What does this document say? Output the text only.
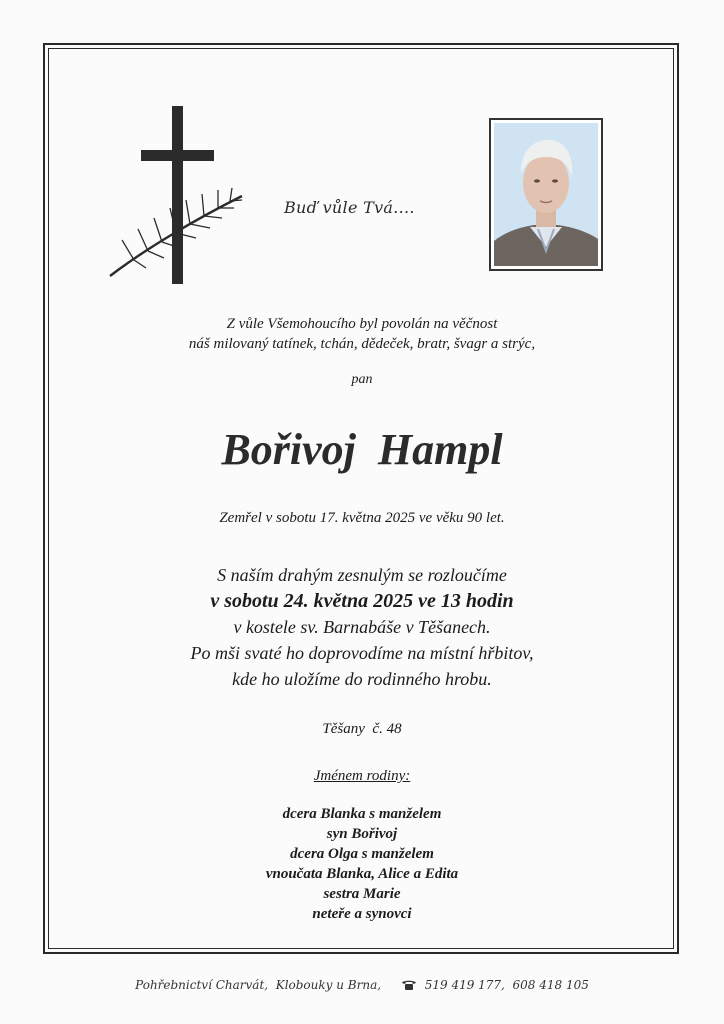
Buď vůle Tvá....
Z vůle Všemohoucího byl povolán na věčnost
náš milovaný tatínek, tchán, dědeček, bratr, švagr a strýc,
pan
Bořivoj  Hampl
Zemřel v sobotu 17. května 2025 ve věku 90 let.
S naším drahým zesnulým se rozloučíme
v sobotu 24. května 2025 ve 13 hodin
v kostele sv. Barnabáše v Těšanech.
Po mši svaté ho doprovodíme na místní hřbitov,
kde ho uložíme do rodinného hrobu.
Těšany  č. 48
Jménem rodiny:
dcera Blanka s manželem
syn Bořivoj
dcera Olga s manželem
vnoučata Blanka, Alice a Edita
sestra Marie
neteře a synovci
Pohřebnictví Charvát,  Klobouky u Brna,	519 419 177,  608 418 105
